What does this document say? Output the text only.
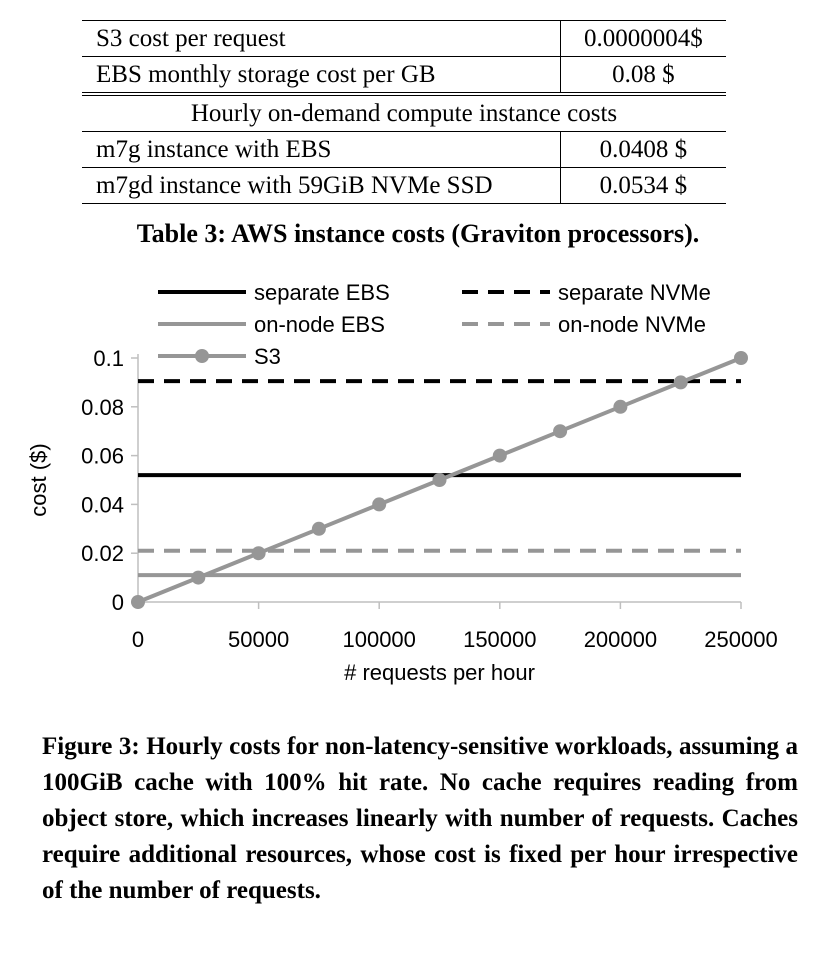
S3 cost per request	0.0000004$
EBS monthly storage cost per GB	0.08 $
Hourly on-demand compute instance costs	
m7g instance with EBS	0.0408 $
m7gd instance with 59GiB NVMe SSD	0.0534 $
Table 3: AWS instance costs (Graviton processors).
0
0.02
0.04
0.06
0.08
0.1
0	50000 100000 150000 200000 250000
# requests per hour
cost ($)
separate EBS	separate NVMe
on-node EBS	on-node NVMe
S3
Figure 3: Hourly costs for non-latency-sensitive workloads, assuming a 100GiB cache with 100% hit rate. No cache requires reading from object store, which increases linearly with number of requests. Caches require additional resources, whose cost is fixed per hour irrespective of the number of requests.
